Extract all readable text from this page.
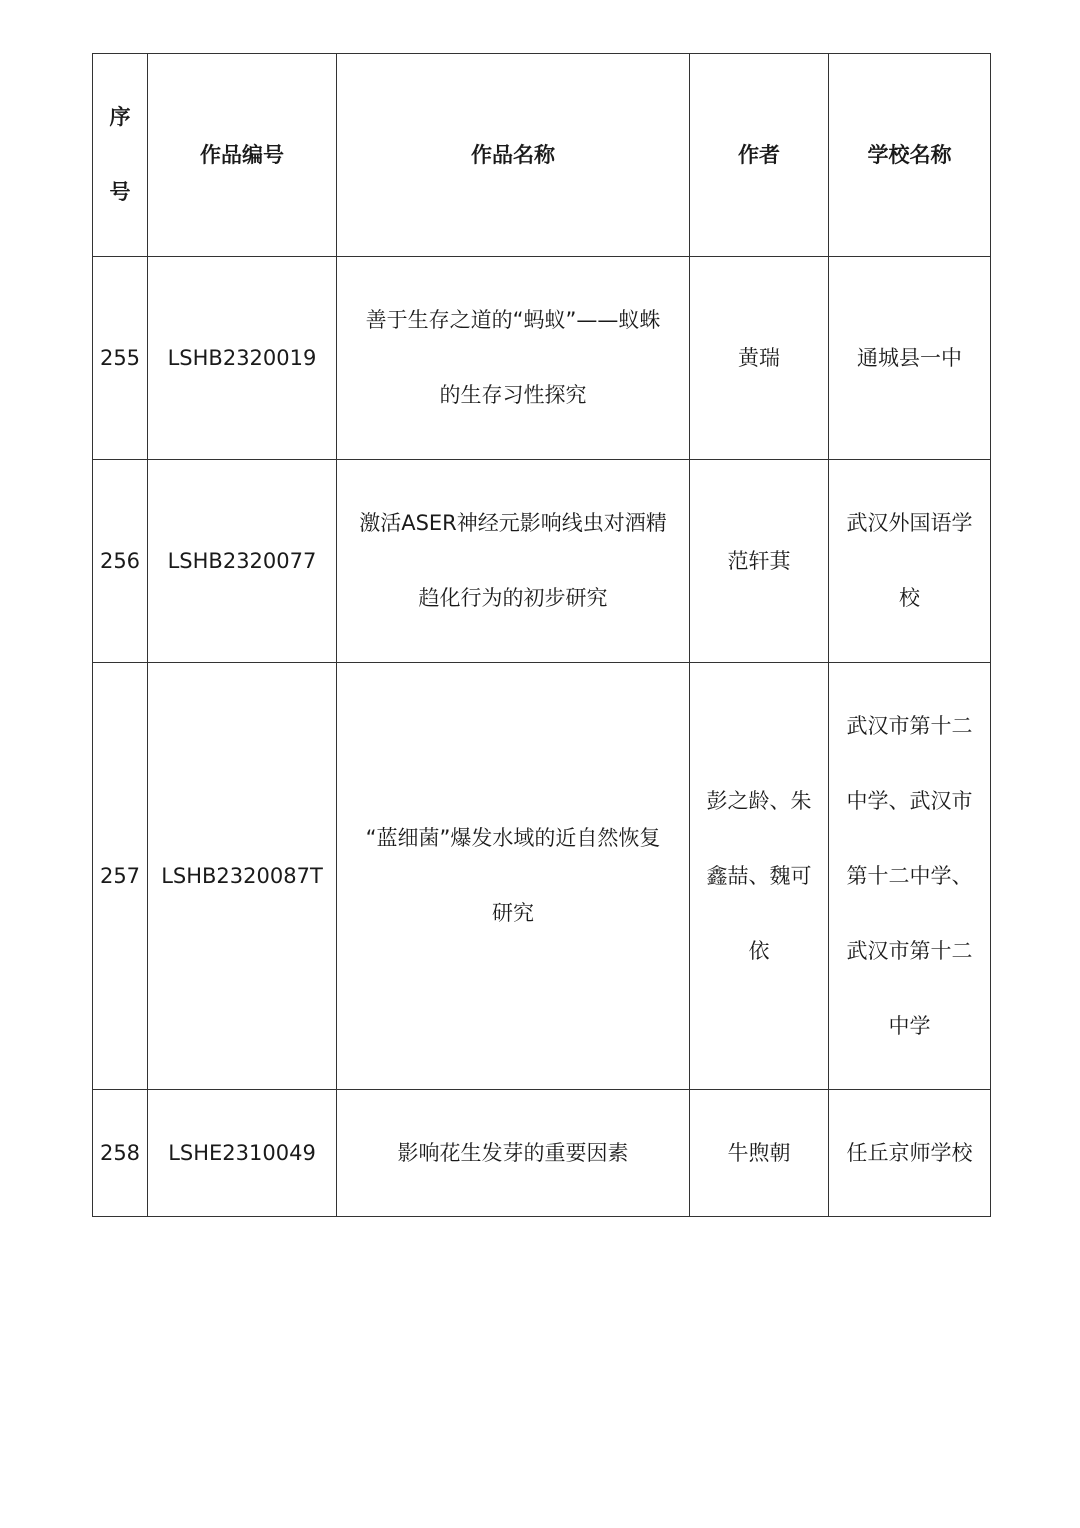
序
号	作品编号	作品名称	作者	学校名称

255	LSHB2320019	善于生存之道的“蚂蚁”——蚁蛛
的生存习性探究	黄瑞	通城县一中

256	LSHB2320077	激活ASER神经元影响线虫对酒精
趋化行为的初步研究	范轩萁	武汉外国语学
校

257	LSHB2320087T	“蓝细菌”爆发水域的近自然恢复
研究	彭之龄、朱
鑫喆、魏可
依	武汉市第十二
中学、武汉市
第十二中学、
武汉市第十二
中学

258	LSHE2310049	影响花生发芽的重要因素	牛煦朝	任丘京师学校
